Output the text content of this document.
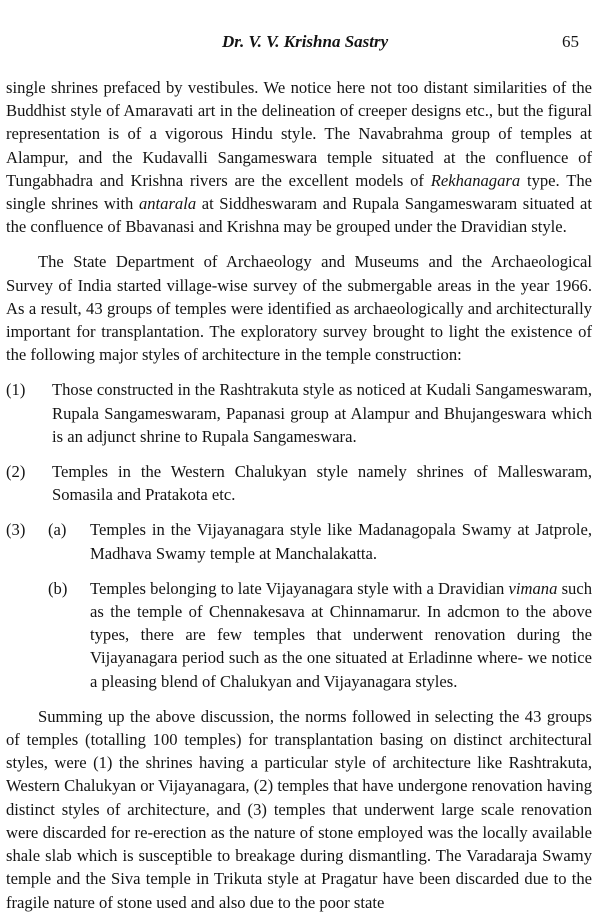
Dr. V. V. Krishna Sastry	65

single shrines prefaced by vestibules. We notice here not too distant similarities of the Buddhist style of Amaravati art in the delineation of creeper designs etc., but the figural representation is of a vigorous Hindu style. The Navabrahma group of temples at Alampur, and the Kudavalli Sangameswara temple situated at the confluence of Tungabhadra and Krishna rivers are the excellent models of Rekhanagara type. The single shrines with antarala at Siddheswaram and Rupala Sangameswaram situated at the confluence of Bbavanasi and Krishna may be grouped under the Dravidian style.

The State Department of Archaeology and Museums and the Archaeological Survey of India started village-wise survey of the submergable areas in the year 1966. As a result, 43 groups of temples were identified as archaeologically and architecturally important for transplantation. The exploratory survey brought to light the existence of the following major styles of architecture in the temple construction:

(1) Those constructed in the Rashtrakuta style as noticed at Kudali Sangameswaram, Rupala Sangameswaram, Papanasi group at Alampur and Bhujangeswara which is an adjunct shrine to Rupala Sangameswara.
(2) Temples in the Western Chalukyan style namely shrines of Malleswaram, Somasila and Pratakota etc.
(3) (a) Temples in the Vijayanagara style like Madanagopala Swamy at Jatprole, Madhava Swamy temple at Manchalakatta.
(b) Temples belonging to late Vijayanagara style with a Dravidian vimana such as the temple of Chennakesava at Chinnamarur. In adcmon to the above types, there are few temples that underwent renovation during the Vijayanagara period such as the one situated at Erladinne where- we notice a pleasing blend of Chalukyan and Vijayanagara styles.

Summing up the above discussion, the norms followed in selecting the 43 groups of temples (totalling 100 temples) for transplantation basing on distinct architectural styles, were (1) the shrines having a particular style of architecture like Rashtrakuta, Western Chalukyan or Vijayanagara, (2) temples that have undergone renovation having distinct styles of architecture, and (3) temples that underwent large scale renovation were discarded for re-erection as the nature of stone employed was the locally available shale slab which is susceptible to breakage during dismantling. The Varadaraja Swamy temple and the Siva temple in Trikuta style at Pragatur have been discarded due to the fragile nature of stone used and also due to the poor state
